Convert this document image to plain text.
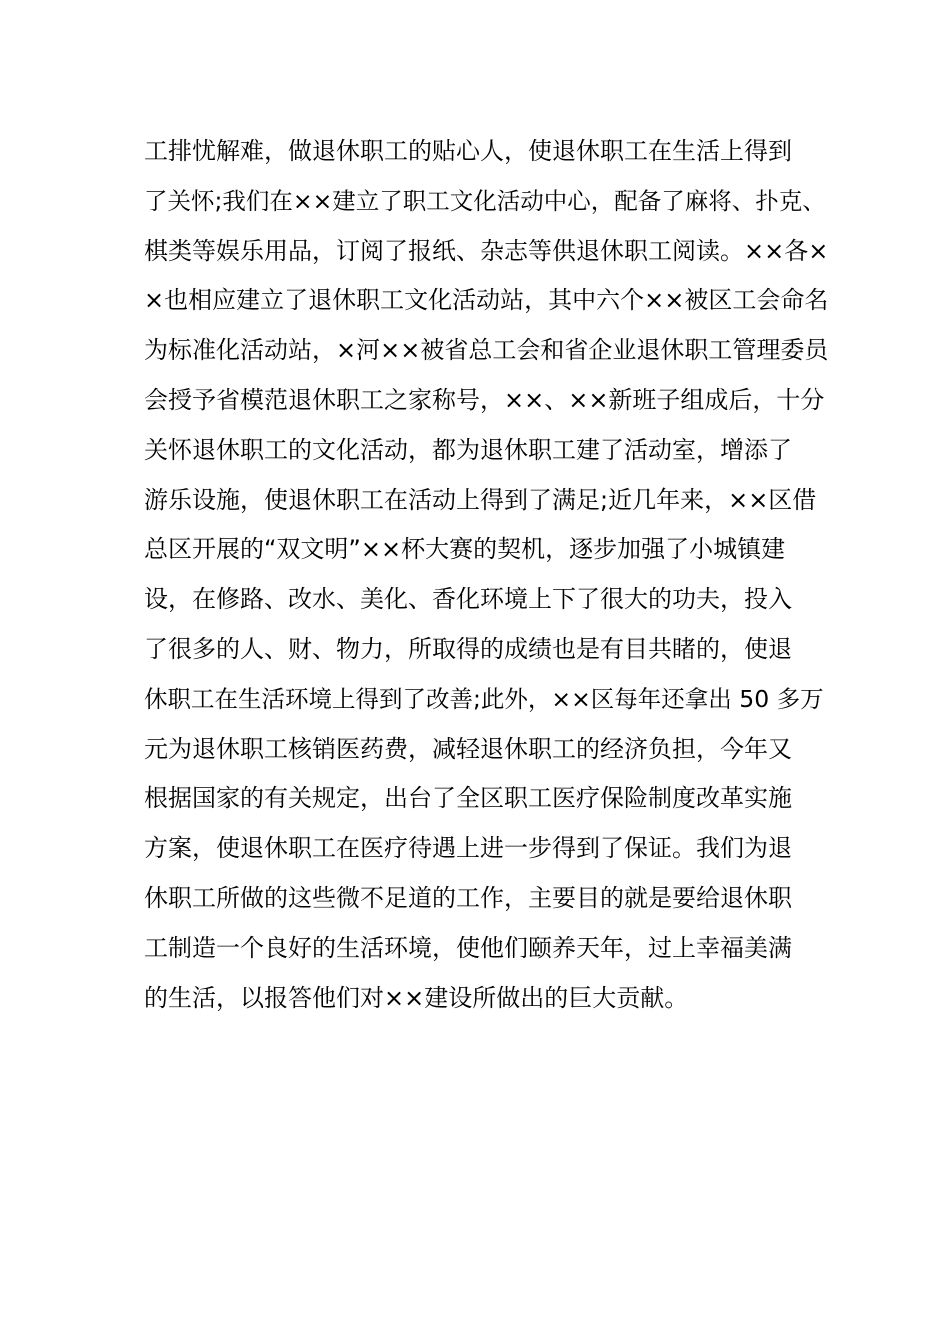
工排忧解难，做退休职工的贴心人，使退休职工在生活上得到
了关怀;我们在××建立了职工文化活动中心，配备了麻将、扑克、
棋类等娱乐用品，订阅了报纸、杂志等供退休职工阅读。××各×
×也相应建立了退休职工文化活动站，其中六个××被区工会命名
为标准化活动站，×河××被省总工会和省企业退休职工管理委员
会授予省模范退休职工之家称号，××、××新班子组成后，十分
关怀退休职工的文化活动，都为退休职工建了活动室，增添了
游乐设施，使退休职工在活动上得到了满足;近几年来，××区借
总区开展的“双文明”××杯大赛的契机，逐步加强了小城镇建
设，在修路、改水、美化、香化环境上下了很大的功夫，投入
了很多的人、财、物力，所取得的成绩也是有目共睹的，使退
休职工在生活环境上得到了改善;此外，××区每年还拿出 50 多万
元为退休职工核销医药费，减轻退休职工的经济负担，今年又
根据国家的有关规定，出台了全区职工医疗保险制度改革实施
方案，使退休职工在医疗待遇上进一步得到了保证。我们为退
休职工所做的这些微不足道的工作，主要目的就是要给退休职
工制造一个良好的生活环境，使他们颐养天年，过上幸福美满
的生活，以报答他们对××建设所做出的巨大贡献。
